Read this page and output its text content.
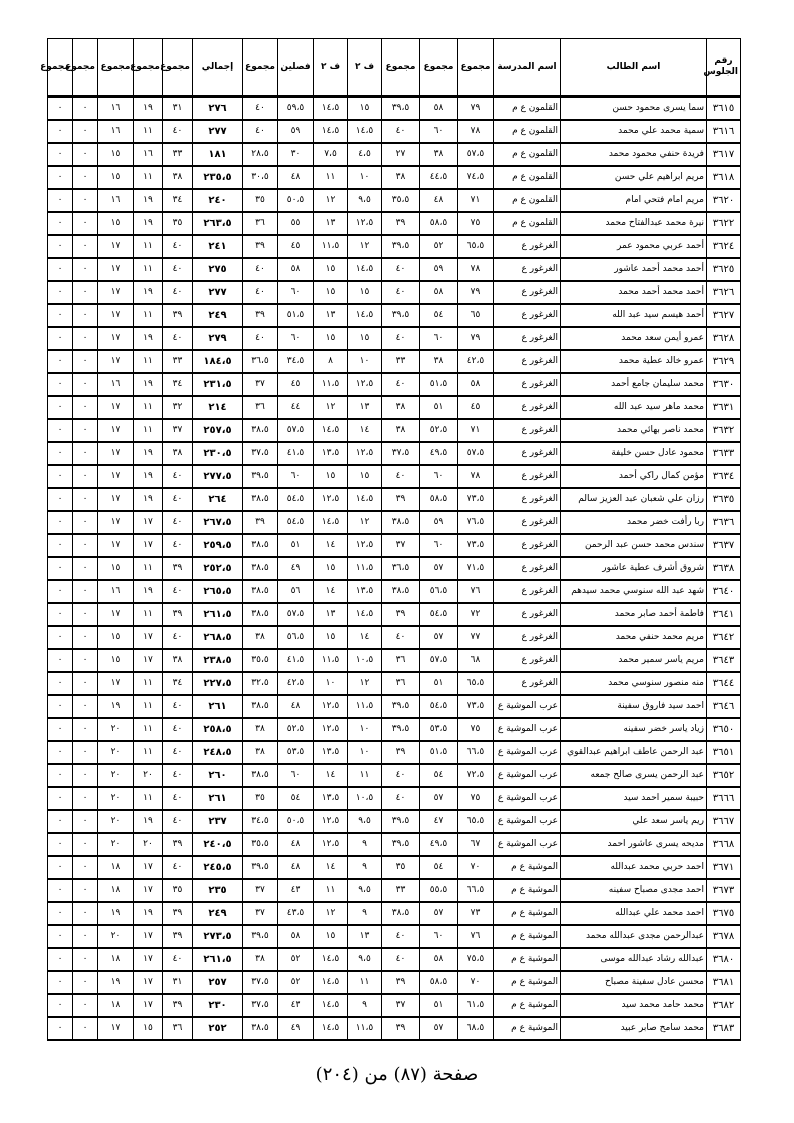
رقم الجلوس	اسم الطالب	اسم المدرسة	مجموع	مجموع	مجموع	ف ۲	ف ۲	فصلين	مجموع	إجمالي	مجموع	مجموع	مجموع	مجموع	مجموع
٣٦١٥	سما يسرى محمود حسن	القلمون ع م	٧٩	٥٨	٣٩،٥	١٥	١٤،٥	٥٩،٥	٤٠	٢٧٦	٣١	١٩	١٦	٠	٠
٣٦١٦	سمية محمد علي محمد	القلمون ع م	٧٨	٦٠	٤٠	١٤،٥	١٤،٥	٥٩	٤٠	٢٧٧	٤٠	١١	١٦	٠	٠
٣٦١٧	فريدة حنفي محمود محمد	القلمون ع م	٥٧،٥	٣٨	٢٧	٤،٥	٧،٥	٣٠	٢٨،٥	١٨١	٣٣	١٦	١٥	٠	٠
٣٦١٨	مريم ابراهيم علي حسن	القلمون ع م	٧٤،٥	٤٤،٥	٣٨	١٠	١١	٤٨	٣٠،٥	٢٣٥،٥	٣٨	١١	١٥	٠	٠
٣٦٢٠	مريم امام فتحي امام	القلمون ع م	٧١	٤٨	٣٥،٥	٩،٥	١٢	٥٠،٥	٣٥	٢٤٠	٣٤	١٩	١٦	٠	٠
٣٦٢٢	نيرة محمد عبدالفتاح محمد	القلمون ع م	٧٥	٥٨،٥	٣٩	١٢،٥	١٣	٥٥	٣٦	٢٦٣،٥	٣٥	١٩	١٥	٠	٠
٣٦٢٤	أحمد عربي محمود عمر	الغرغور ع	٦٥،٥	٥٢	٣٩،٥	١٢	١١،٥	٤٥	٣٩	٢٤١	٤٠	١١	١٧	٠	٠
٣٦٢٥	أحمد محمد أحمد عاشور	الغرغور ع	٧٨	٥٩	٤٠	١٤،٥	١٥	٥٨	٤٠	٢٧٥	٤٠	١١	١٧	٠	٠
٣٦٢٦	أحمد محمد أحمد محمد	الغرغور ع	٧٩	٥٨	٤٠	١٥	١٥	٦٠	٤٠	٢٧٧	٤٠	١٩	١٧	٠	٠
٣٦٢٧	أحمد هيسم سيد عبد الله	الغرغور ع	٦٥	٥٤	٣٩،٥	١٤،٥	١٣	٥١،٥	٣٩	٢٤٩	٣٩	١١	١٧	٠	٠
٣٦٢٨	عمرو أيمن سعد محمد	الغرغور ع	٧٩	٦٠	٤٠	١٥	١٥	٦٠	٤٠	٢٧٩	٤٠	١٩	١٧	٠	٠
٣٦٢٩	عمرو خالد عطية محمد	الغرغور ع	٤٢،٥	٣٨	٣٣	١٠	٨	٣٤،٥	٣٦،٥	١٨٤،٥	٣٣	١١	١٧	٠	٠
٣٦٣٠	محمد سليمان جامع أحمد	الغرغور ع	٥٨	٥١،٥	٤٠	١٢،٥	١١،٥	٤٥	٣٧	٢٣١،٥	٣٤	١٩	١٦	٠	٠
٣٦٣١	محمد ماهر سيد عبد الله	الغرغور ع	٤٥	٥١	٣٨	١٣	١٢	٤٤	٣٦	٢١٤	٣٢	١١	١٧	٠	٠
٣٦٣٢	محمد ناصر بهائي محمد	الغرغور ع	٧١	٥٢،٥	٣٨	١٤	١٤،٥	٥٧،٥	٣٨،٥	٢٥٧،٥	٣٧	١١	١٧	٠	٠
٣٦٣٣	محمود عادل حسن خليفة	الغرغور ع	٥٧،٥	٤٩،٥	٣٧،٥	١٢،٥	١٣،٥	٤١،٥	٣٧،٥	٢٣٠،٥	٣٨	١٩	١٧	٠	٠
٣٦٣٤	مؤمن كمال راكي أحمد	الغرغور ع	٧٨	٦٠	٤٠	١٥	١٥	٦٠	٣٩،٥	٢٧٧،٥	٤٠	١٩	١٧	٠	٠
٣٦٣٥	رزان علي شعبان عبد العزيز سالم	الغرغور ع	٧٣،٥	٥٨،٥	٣٩	١٤،٥	١٢،٥	٥٤،٥	٣٨،٥	٢٦٤	٤٠	١٩	١٧	٠	٠
٣٦٣٦	ربا رأفت خضر محمد	الغرغور ع	٧٦،٥	٥٩	٣٨،٥	١٢	١٤،٥	٥٤،٥	٣٩	٢٦٧،٥	٤٠	١٧	١٧	٠	٠
٣٦٣٧	سندس محمد حسن عبد الرحمن	الغرغور ع	٧٣،٥	٦٠	٣٧	١٢،٥	١٤	٥١	٣٨،٥	٢٥٩،٥	٤٠	١٧	١٧	٠	٠
٣٦٣٨	شروق أشرف عطية عاشور	الغرغور ع	٧١،٥	٥٧	٣٦،٥	١١،٥	١٥	٤٩	٣٨،٥	٢٥٢،٥	٣٩	١١	١٥	٠	٠
٣٦٤٠	شهد عبد الله سنوسي محمد سيدهم	الغرغور ع	٧٦	٥٦،٥	٣٨،٥	١٣،٥	١٤	٥٦	٣٨،٥	٢٦٥،٥	٤٠	١٩	١٦	٠	٠
٣٦٤١	فاطمة أحمد صابر محمد	الغرغور ع	٧٢	٥٤،٥	٣٩	١٤،٥	١٣	٥٧،٥	٣٨،٥	٢٦١،٥	٣٩	١١	١٧	٠	٠
٣٦٤٢	مريم محمد حنفي محمد	الغرغور ع	٧٧	٥٧	٤٠	١٤	١٥	٥٦،٥	٣٨	٢٦٨،٥	٤٠	١٧	١٥	٠	٠
٣٦٤٣	مريم ياسر سمير محمد	الغرغور ع	٦٨	٥٧،٥	٣٦	١٠،٥	١١،٥	٤١،٥	٣٥،٥	٢٣٨،٥	٣٨	١٧	١٥	٠	٠
٣٦٤٤	منه منصور سنوسي محمد	الغرغور ع	٦٥،٥	٥١	٣٦	١٢	١٠	٤٢،٥	٣٢،٥	٢٢٧،٥	٣٤	١١	١٧	٠	٠
٣٦٤٦	احمد سيد فاروق سفينة	عرب الموشية ع	٧٣،٥	٥٤،٥	٣٩،٥	١١،٥	١٢،٥	٤٨	٣٨،٥	٢٦١	٤٠	١١	١٩	٠	٠
٣٦٥٠	زياد ياسر خضر سفينه	عرب الموشية ع	٧٥	٥٣،٥	٣٩،٥	١٠	١٢،٥	٥٢،٥	٣٨	٢٥٨،٥	٤٠	١١	٢٠	٠	٠
٣٦٥١	عبد الرحمن عاطف ابراهيم عبدالقوي	عرب الموشية ع	٦٦،٥	٥١،٥	٣٩	١٠	١٣،٥	٥٣،٥	٣٨	٢٤٨،٥	٤٠	١١	٢٠	٠	٠
٣٦٥٢	عبد الرحمن يسرى صالح جمعه	عرب الموشية ع	٧٢،٥	٥٤	٤٠	١١	١٤	٦٠	٣٨،٥	٢٦٠	٤٠	٢٠	٢٠	٠	٠
٣٦٦٦	حبيبة سمير احمد سيد	عرب الموشية ع	٧٥	٥٧	٤٠	١٠،٥	١٣،٥	٥٤	٣٥	٢٦١	٤٠	١١	٢٠	٠	٠
٣٦٦٧	ريم ياسر سعد علي	عرب الموشية ع	٦٥،٥	٤٧	٣٩،٥	٩،٥	١٢،٥	٥٠،٥	٣٤،٥	٢٣٧	٤٠	١٩	٢٠	٠	٠
٣٦٦٨	مديحه يسرى عاشور احمد	عرب الموشية ع	٦٧	٤٩،٥	٣٩،٥	٩	١٢،٥	٤٨	٣٥،٥	٢٤٠،٥	٣٩	٢٠	٢٠	٠	٠
٣٦٧١	احمد حربي محمد عبدالله	الموشية ع م	٧٠	٥٤	٣٥	٩	١٤	٤٨	٣٩،٥	٢٤٥،٥	٤٠	١٧	١٨	٠	٠
٣٦٧٣	احمد مجدى مصباح سفينه	الموشية ع م	٦٦،٥	٥٥،٥	٣٣	٩،٥	١١	٤٣	٣٧	٢٣٥	٣٥	١٧	١٨	٠	٠
٣٦٧٥	احمد محمد علي عبدالله	الموشية ع م	٧٣	٥٧	٣٨،٥	٩	١٢	٤٣،٥	٣٧	٢٤٩	٣٩	١٩	١٩	٠	٠
٣٦٧٨	عبدالرحمن مجدى عبدالله محمد	الموشية ع م	٧٦	٦٠	٤٠	١٣	١٥	٥٨	٣٩،٥	٢٧٣،٥	٣٩	١٧	٢٠	٠	٠
٣٦٨٠	عبدالله رشاد عبدالله موسى	الموشية ع م	٧٥،٥	٥٨	٤٠	٩،٥	١٤،٥	٥٢	٣٨	٢٦١،٥	٤٠	١٧	١٨	٠	٠
٣٦٨١	محسن عادل سفينة مصباح	الموشية ع م	٧٠	٥٨،٥	٣٩	١١	١٤،٥	٥٢	٣٧،٥	٢٥٧	٣١	١٧	١٩	٠	٠
٣٦٨٢	محمد حامد محمد سيد	الموشية ع م	٦١،٥	٥١	٣٧	٩	١٤،٥	٤٣	٣٧،٥	٢٣٠	٣٩	١٧	١٨	٠	٠
٣٦٨٣	محمد سامح صابر عبيد	الموشية ع م	٦٨،٥	٥٧	٣٩	١١،٥	١٤،٥	٤٩	٣٨،٥	٢٥٢	٣٦	١٥	١٧	٠	٠
صفحة (٨٧) من (٢٠٤)
